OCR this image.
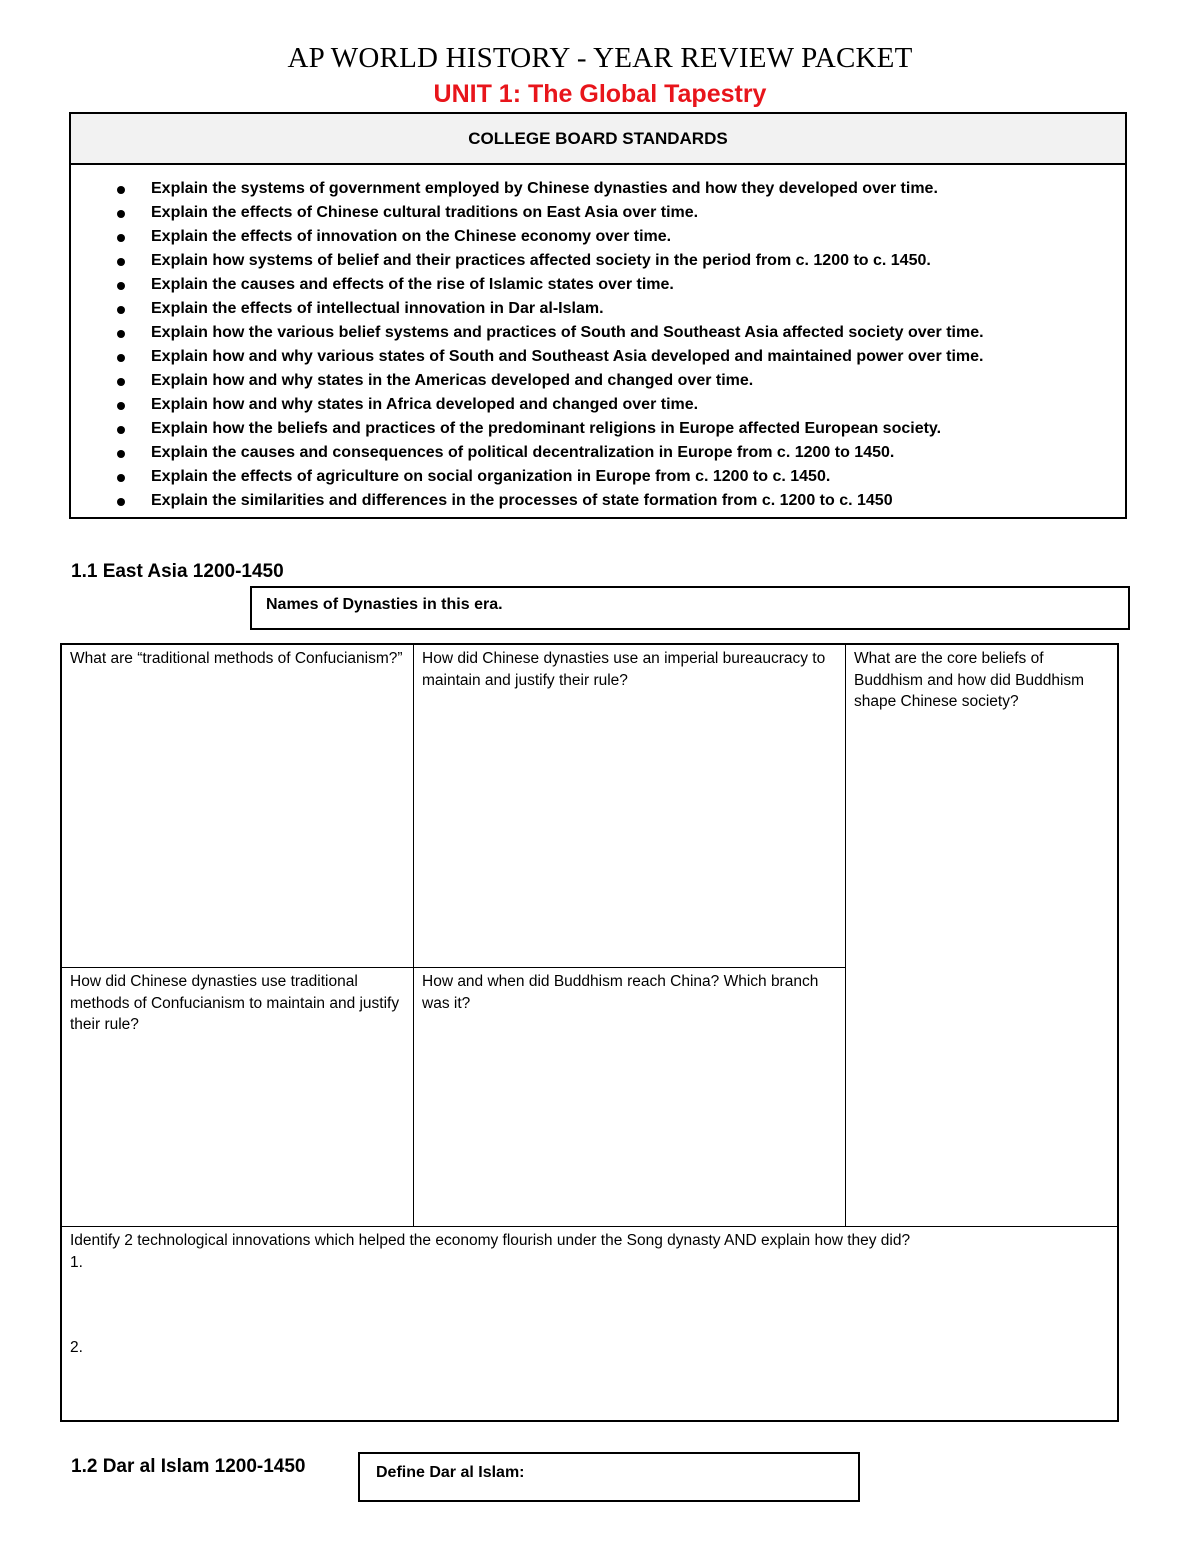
AP WORLD HISTORY - YEAR REVIEW PACKET
UNIT 1: The Global Tapestry
COLLEGE BOARD STANDARDS
Explain the systems of government employed by Chinese dynasties and how they developed over time.
Explain the effects of Chinese cultural traditions on East Asia over time.
Explain the effects of innovation on the Chinese economy over time.
Explain how systems of belief and their practices affected society in the period from c. 1200 to c. 1450.
Explain the causes and effects of the rise of Islamic states over time.
Explain the effects of intellectual innovation in Dar al-Islam.
Explain how the various belief systems and practices of South and Southeast Asia affected society over time.
Explain how and why various states of South and Southeast Asia developed and maintained power over time.
Explain how and why states in the Americas developed and changed over time.
Explain how and why states in Africa developed and changed over time.
Explain how the beliefs and practices of the predominant religions in Europe affected European society.
Explain the causes and consequences of political decentralization in Europe from c. 1200 to 1450.
Explain the effects of agriculture on social organization in Europe from c. 1200 to c. 1450.
Explain the similarities and differences in the processes of state formation from c. 1200 to c. 1450
1.1 East Asia 1200-1450
Names of Dynasties in this era.
What are “traditional methods of Confucianism?”	How did Chinese dynasties use an imperial bureaucracy to maintain and justify their rule?
What are the core beliefs of Buddhism and how did Buddhism shape Chinese society?
How did Chinese dynasties use traditional methods of Confucianism to maintain and justify their rule?
How and when did Buddhism reach China? Which branch was it?
Identify 2 technological innovations which helped the economy flourish under the Song dynasty AND explain how they did?
1.
2.
1.2 Dar al Islam 1200-1450	Define Dar al Islam:
